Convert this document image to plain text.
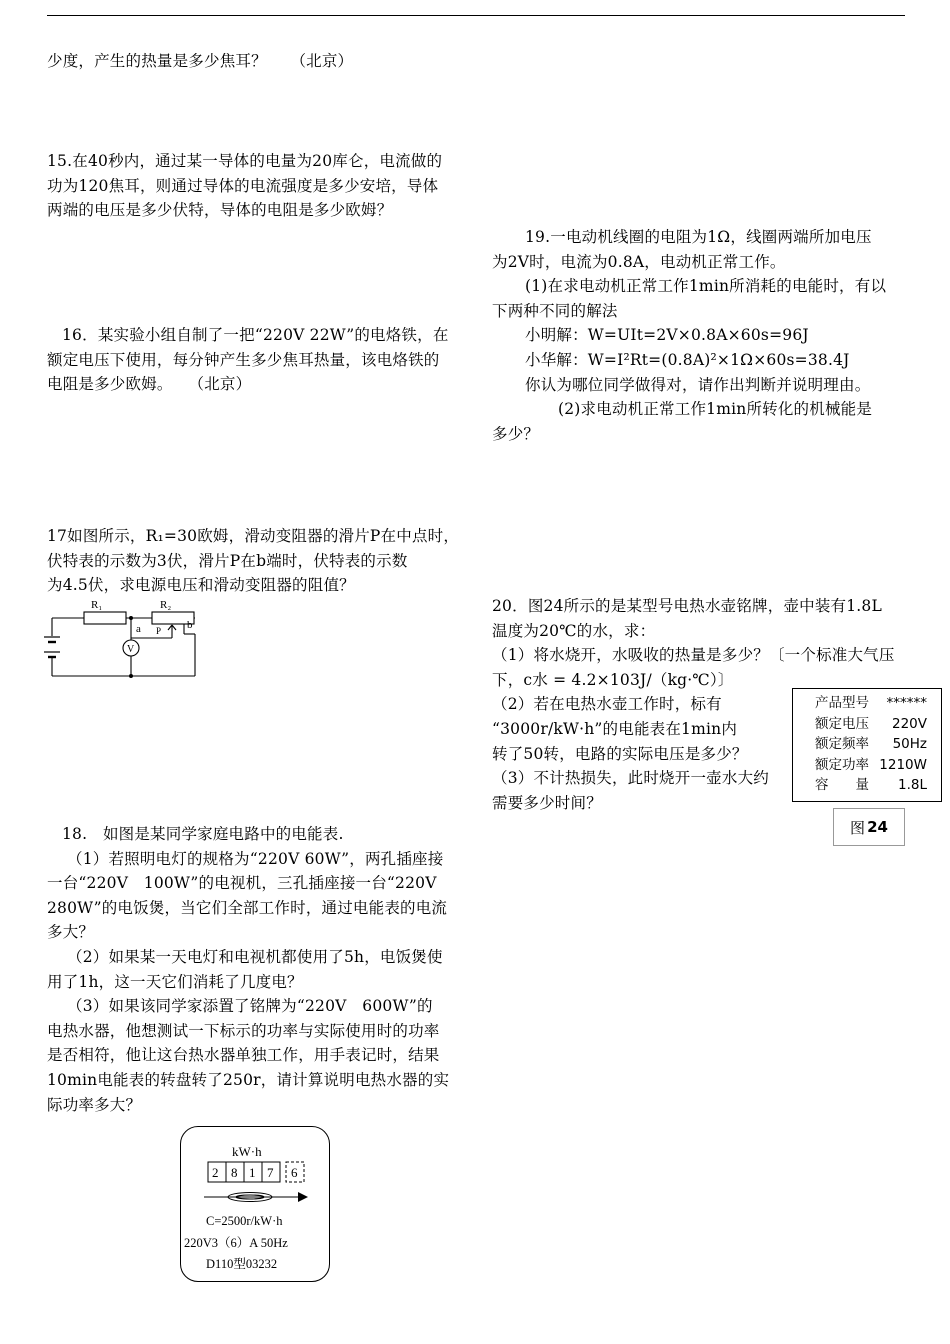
少度，产生的热量是多少焦耳？　　（北京）
15.在40秒内，通过某一导体的电量为20库仑，电流做的
功为120焦耳，则通过导体的电流强度是多少安培，导体
两端的电压是多少伏特，导体的电阻是多少欧姆？
16．某实验小组自制了一把“220V 22W”的电烙铁，在
额定电压下使用，每分钟产生多少焦耳热量，该电烙铁的
电阻是多少欧姆。　　（北京）
17如图所示，R₁=30欧姆，滑动变阻器的滑片P在中点时，
伏特表的示数为3伏，滑片P在b端时，伏特表的示数
为4.5伏，求电源电压和滑动变阻器的阻值？
R₁	R₂
a P b
V
18.　如图是某同学家庭电路中的电能表.
（1）若照明电灯的规格为“220V 60W”，两孔插座接
一台“220V　100W”的电视机，三孔插座接一台“220V
280W”的电饭煲，当它们全部工作时，通过电能表的电流
多大？
（2）如果某一天电灯和电视机都使用了5h，电饭煲使
用了1h，这一天它们消耗了几度电？
（3）如果该同学家添置了铭牌为“220V　600W”的
电热水器，他想测试一下标示的功率与实际使用时的功率
是否相符，他让这台热水器单独工作，用手表记时，结果
10min电能表的转盘转了250r，请计算说明电热水器的实
际功率多大？
kW·h
2 8 1 7 6
C=2500r/kW·h
220V3（6）A 50Hz
D110型03232
19.一电动机线圈的电阻为1Ω，线圈两端所加电压
为2V时，电流为0.8A，电动机正常工作。
(1)在求电动机正常工作1min所消耗的电能时，有以
下两种不同的解法
小明解：W=UIt=2V×0.8A×60s=96J
小华解：W=I²Rt=(0.8A)²×1Ω×60s=38.4J
你认为哪位同学做得对，请作出判断并说明理由。
(2)求电动机正常工作1min所转化的机械能是
多少？
20．图24所示的是某型号电热水壶铭牌，壶中装有1.8L
温度为20℃的水，求：
（1）将水烧开，水吸收的热量是多少？〔一个标准大气压
下，c水 = 4.2×103J/（kg·℃）〕
（2）若在电热水壶工作时，标有
“3000r/kW·h”的电能表在1min内
转了50转，电路的实际电压是多少？
（3）不计热损失，此时烧开一壶水大约
需要多少时间？
产品型号 ******
额定电压 220V
额定频率 50Hz
额定功率 1210W
容　　量 1.8L
图 24
